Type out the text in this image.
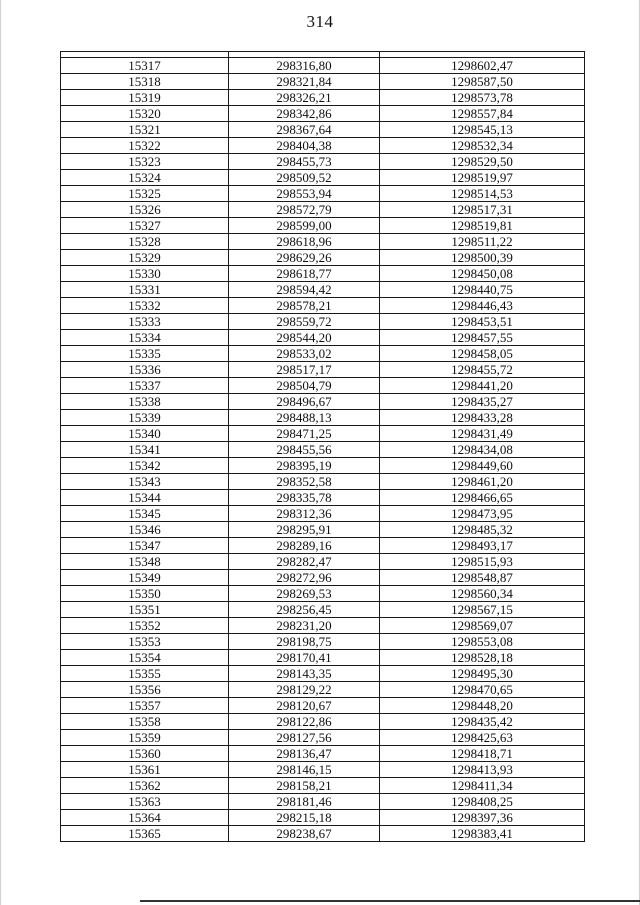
314

15317	298316,80	1298602,47
15318	298321,84	1298587,50
15319	298326,21	1298573,78
15320	298342,86	1298557,84
15321	298367,64	1298545,13
15322	298404,38	1298532,34
15323	298455,73	1298529,50
15324	298509,52	1298519,97
15325	298553,94	1298514,53
15326	298572,79	1298517,31
15327	298599,00	1298519,81
15328	298618,96	1298511,22
15329	298629,26	1298500,39
15330	298618,77	1298450,08
15331	298594,42	1298440,75
15332	298578,21	1298446,43
15333	298559,72	1298453,51
15334	298544,20	1298457,55
15335	298533,02	1298458,05
15336	298517,17	1298455,72
15337	298504,79	1298441,20
15338	298496,67	1298435,27
15339	298488,13	1298433,28
15340	298471,25	1298431,49
15341	298455,56	1298434,08
15342	298395,19	1298449,60
15343	298352,58	1298461,20
15344	298335,78	1298466,65
15345	298312,36	1298473,95
15346	298295,91	1298485,32
15347	298289,16	1298493,17
15348	298282,47	1298515,93
15349	298272,96	1298548,87
15350	298269,53	1298560,34
15351	298256,45	1298567,15
15352	298231,20	1298569,07
15353	298198,75	1298553,08
15354	298170,41	1298528,18
15355	298143,35	1298495,30
15356	298129,22	1298470,65
15357	298120,67	1298448,20
15358	298122,86	1298435,42
15359	298127,56	1298425,63
15360	298136,47	1298418,71
15361	298146,15	1298413,93
15362	298158,21	1298411,34
15363	298181,46	1298408,25
15364	298215,18	1298397,36
15365	298238,67	1298383,41
